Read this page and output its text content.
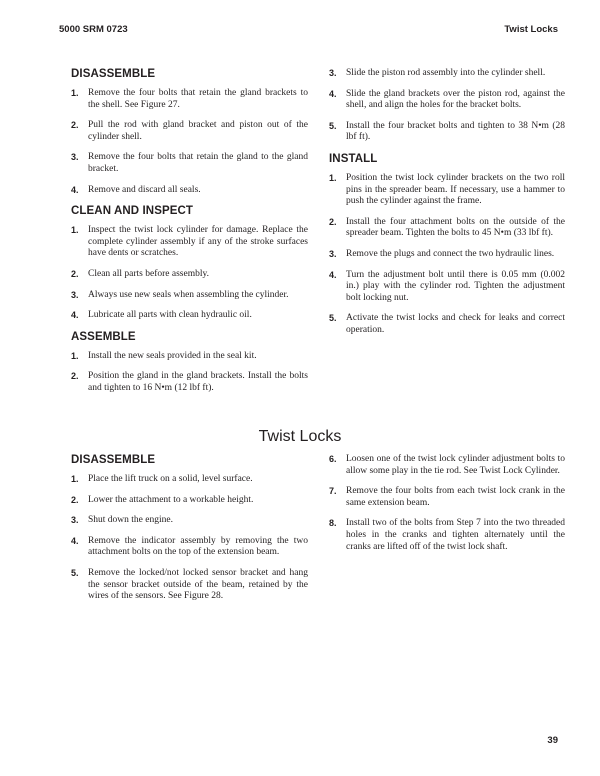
5000 SRM 0723	Twist Locks
DISASSEMBLE
1. Remove the four bolts that retain the gland brackets to the shell. See Figure 27.
2. Pull the rod with gland bracket and piston out of the cylinder shell.
3. Remove the four bolts that retain the gland to the gland bracket.
4. Remove and discard all seals.
CLEAN AND INSPECT
1. Inspect the twist lock cylinder for damage. Replace the complete cylinder assembly if any of the stroke surfaces have dents or scratches.
2. Clean all parts before assembly.
3. Always use new seals when assembling the cylinder.
4. Lubricate all parts with clean hydraulic oil.
ASSEMBLE
1. Install the new seals provided in the seal kit.
2. Position the gland in the gland brackets. Install the bolts and tighten to 16 N•m (12 lbf ft).
3. Slide the piston rod assembly into the cylinder shell.
4. Slide the gland brackets over the piston rod, against the shell, and align the holes for the bracket bolts.
5. Install the four bracket bolts and tighten to 38 N•m (28 lbf ft).
INSTALL
1. Position the twist lock cylinder brackets on the two roll pins in the spreader beam. If necessary, use a hammer to push the cylinder against the frame.
2. Install the four attachment bolts on the outside of the spreader beam. Tighten the bolts to 45 N•m (33 lbf ft).
3. Remove the plugs and connect the two hydraulic lines.
4. Turn the adjustment bolt until there is 0.05 mm (0.002 in.) play with the cylinder rod. Tighten the adjustment bolt locking nut.
5. Activate the twist locks and check for leaks and correct operation.
Twist Locks
DISASSEMBLE
1. Place the lift truck on a solid, level surface.
2. Lower the attachment to a workable height.
3. Shut down the engine.
4. Remove the indicator assembly by removing the two attachment bolts on the top of the extension beam.
5. Remove the locked/not locked sensor bracket and hang the sensor bracket outside of the beam, retained by the wires of the sensors. See Figure 28.
6. Loosen one of the twist lock cylinder adjustment bolts to allow some play in the tie rod. See Twist Lock Cylinder.
7. Remove the four bolts from each twist lock crank in the same extension beam.
8. Install two of the bolts from Step 7 into the two threaded holes in the cranks and tighten alternately until the cranks are lifted off of the twist lock shaft.
39
